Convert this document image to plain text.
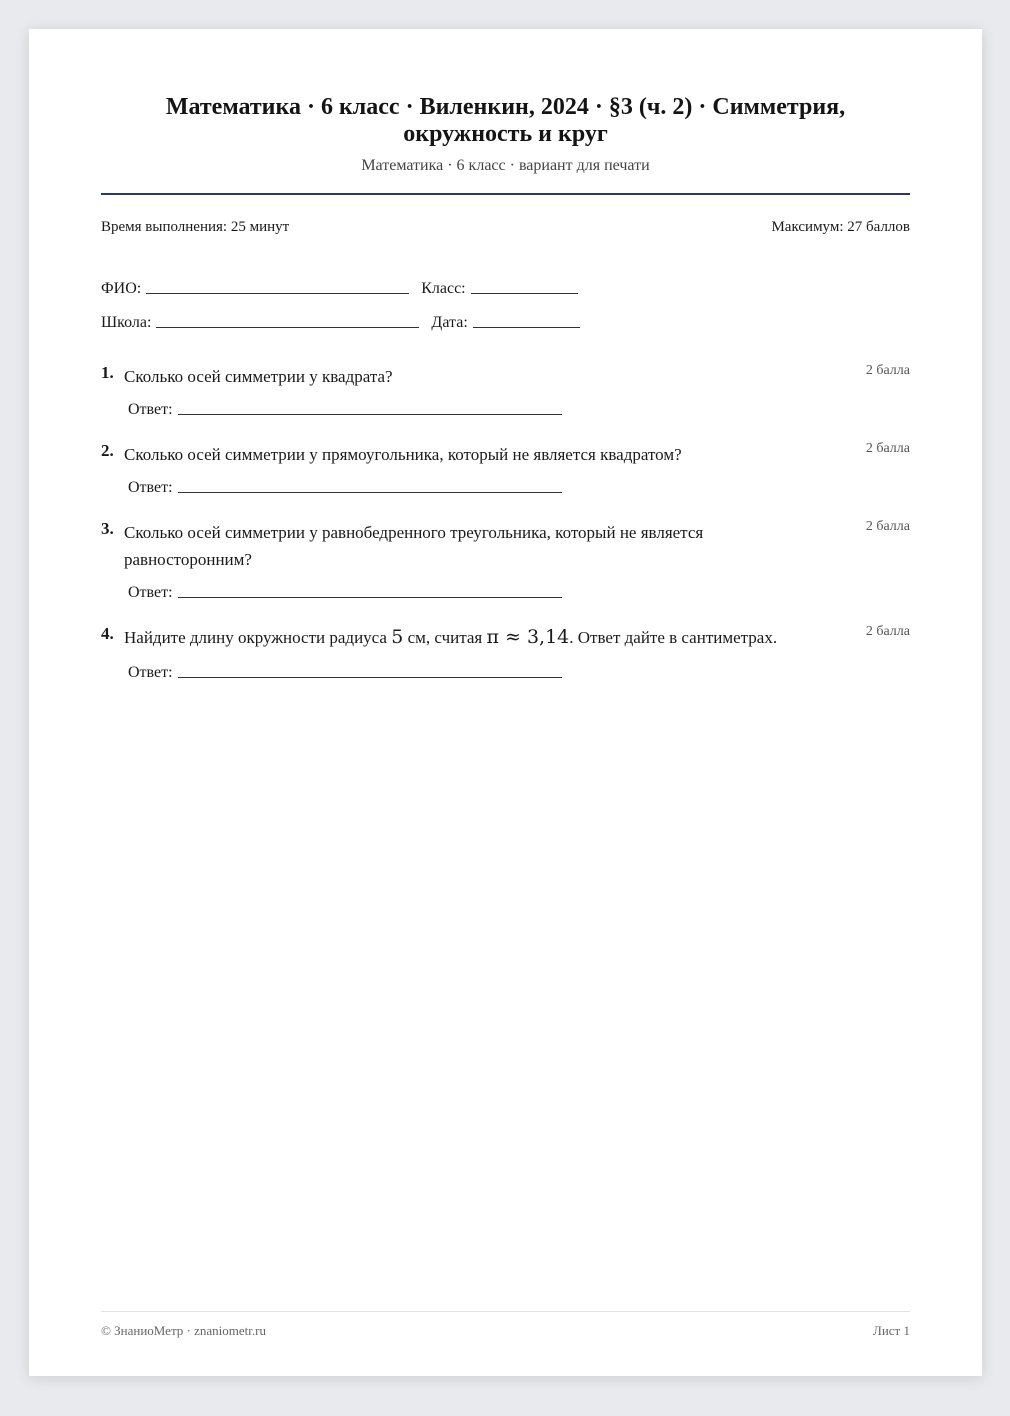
Математика · 6 класс · Виленкин, 2024 · §3 (ч. 2) · Симметрия, окружность и круг
Математика · 6 класс · вариант для печати
Время выполнения: 25 минут	Максимум: 27 баллов
ФИО:	Класс:
Школа:	Дата:
1. Сколько осей симметрии у квадрата?	2 балла
Ответ:
2. Сколько осей симметрии у прямоугольника, который не является квадратом?	2 балла
Ответ:
3. Сколько осей симметрии у равнобедренного треугольника, который не является равносторонним?
2 балла
Ответ:
4. Найдите длину окружности радиуса 5 см, считая π ≈ 3,14. Ответ дайте в сантиметрах.	2 балла
Ответ:
© ЗнаниоМетр · znaniometr.ru	Лист 1
